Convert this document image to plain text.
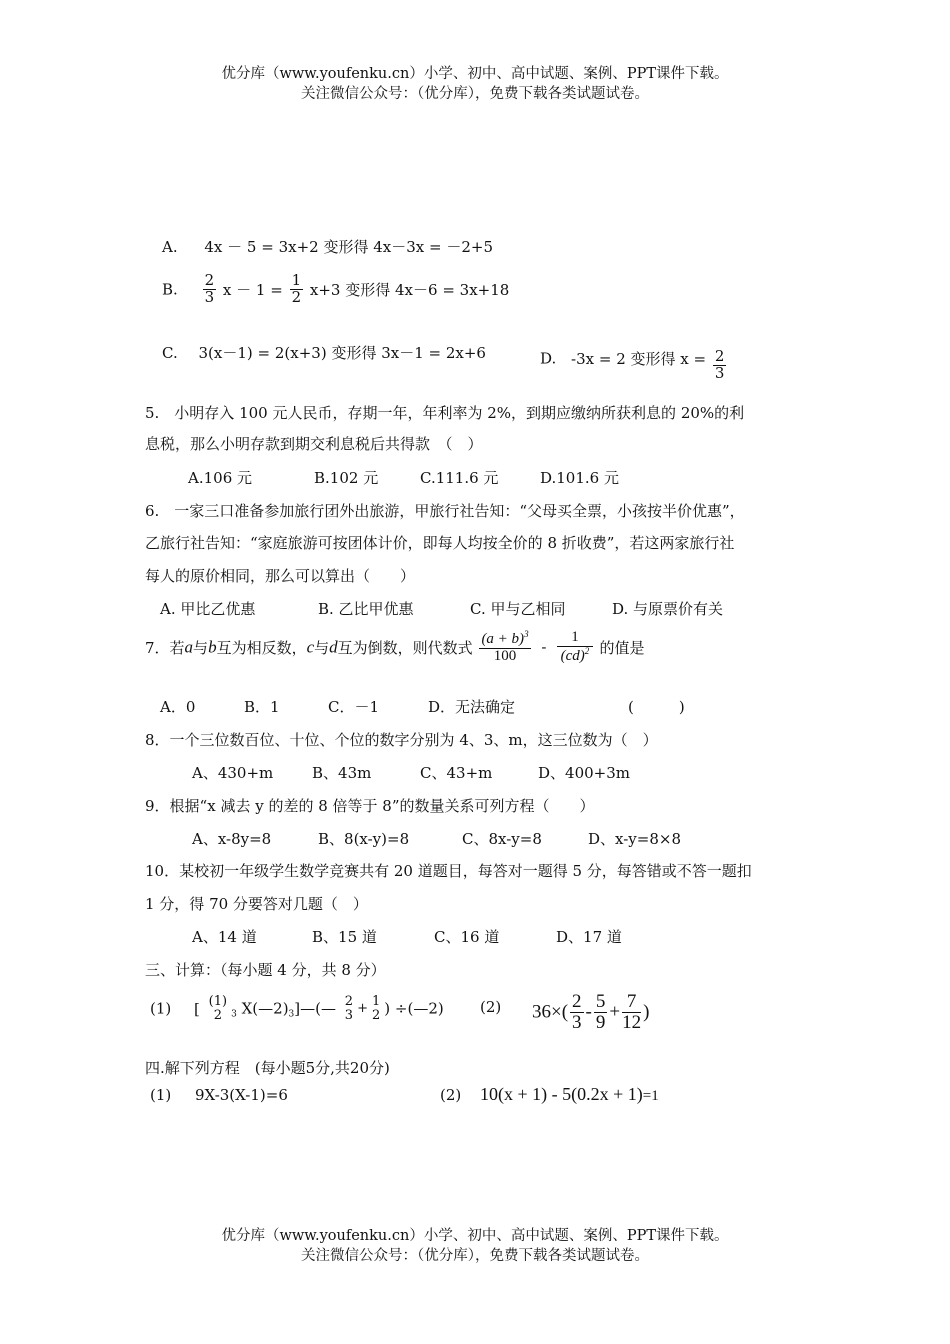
优分库（www.youfenku.cn）小学、初中、高中试题、案例、PPT课件下载。
关注微信公众号：（优分库），免费下载各类试题试卷。
A. 4x － 5 = 3x+2 变形得 4x－3x = －2+5
B. $\frac{2}{3}$ $x - 1 = \frac{1}{2} x+3$ 变形得 4x－6 = 3x+18
C. 3(x－1) = 2(x+3) 变形得 3x－1 = 2x+6	D. -3x = 2 变形得 $x = \frac{2}{3}$
5.　小明存入 100 元人民币，存期一年，年利率为 2%，到期应缴纳所获利息的 20%的利
息税，那么小明存款到期交利息税后共得款　（　）
A.106 元	B.102 元	C.111.6 元	D.101.6 元
6.　一家三口准备参加旅行团外出旅游，甲旅行社告知：“父母买全票，小孩按半价优惠”，
乙旅行社告知：“家庭旅游可按团体计价，即每人均按全价的 8 折收费”，若这两家旅行社
每人的原价相同，那么可以算出（　　）
A. 甲比乙优惠	B. 乙比甲优惠	C. 甲与乙相同	D. 与原票价有关
7．若a与b互为相反数，c与d互为倒数，则代数式 $\frac{(a + b)^3}{100} - \frac{1}{(cd)^2}$ 的值是
A．0	B．1	C．－1	D．无法确定	(　　　)
8．一个三位数百位、十位、个位的数字分别为 4、3、m，这三位数为（　）
A、430+m	B、43m	C、43+m	D、400+3m
9．根据“x 减去 y 的差的 8 倍等于 8”的数量关系可列方程（　　）
A、x-8y=8	B、8(x-y)=8	C、8x-y=8	D、x-y=8×8
10．某校初一年级学生数学竞赛共有 20 道题目，每答对一题得 5 分，每答错或不答一题扣
1 分，得 70 分要答对几题（　）
A、14 道	B、15 道	C、16 道	D、17 道
三、计算：（每小题 4 分，共 8 分）
(1) [ (1)
2	$_3$ $X(—2)_3]—(—$ 2
3 + 1
2 ) ÷(—2) (2) $36\times( \frac{2}{3} - \frac{5}{9} + \frac{7}{12}$ )
四.解下列方程　(每小题5分,共20分)
(1) 9X-3(X-1)=6	(2) 10(x + 1) - 5(0.2x + 1)=1
优分库（www.youfenku.cn）小学、初中、高中试题、案例、PPT课件下载。
关注微信公众号：（优分库），免费下载各类试题试卷。
